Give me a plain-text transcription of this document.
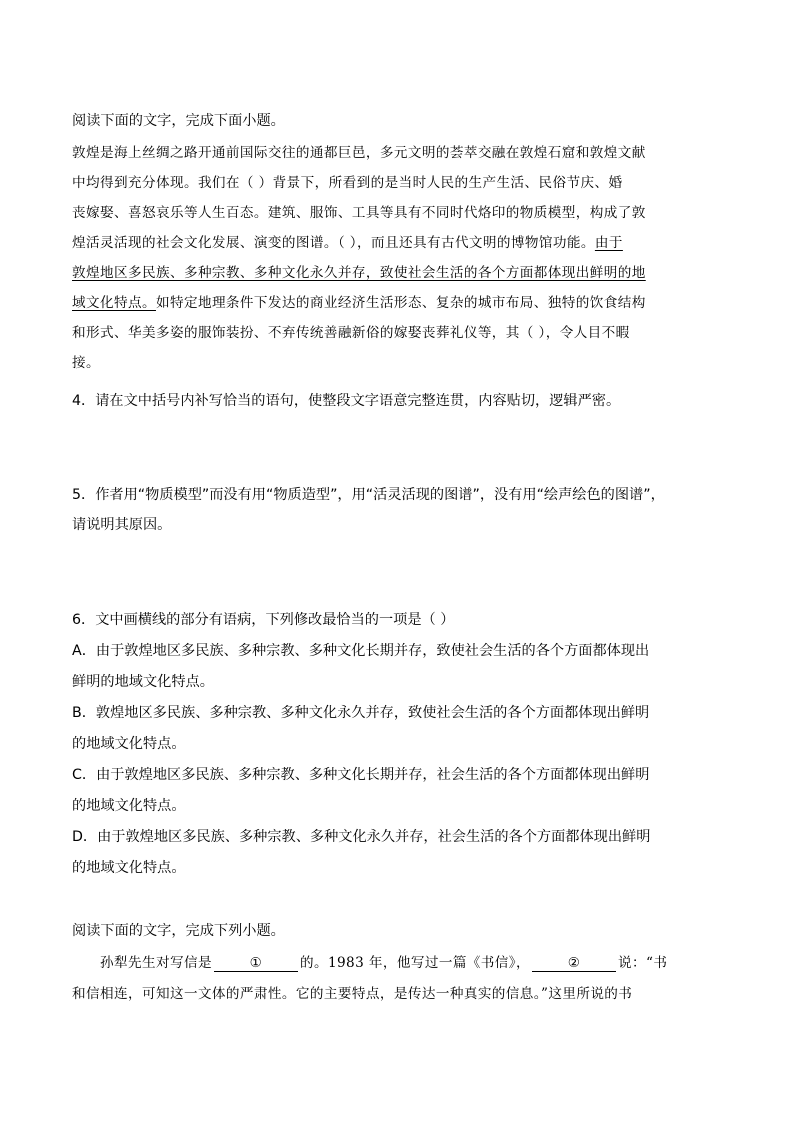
阅读下面的文字，完成下面小题。
敦煌是海上丝绸之路开通前国际交往的通都巨邑，多元文明的荟萃交融在敦煌石窟和敦煌文献
中均得到充分体现。我们在（ ）背景下，所看到的是当时人民的生产生活、民俗节庆、婚
丧嫁娶、喜怒哀乐等人生百态。建筑、服饰、工具等具有不同时代烙印的物质模型，构成了敦
煌活灵活现的社会文化发展、演变的图谱。（ ），而且还具有古代文明的博物馆功能。由于
敦煌地区多民族、多种宗教、多种文化永久并存，致使社会生活的各个方面都体现出鲜明的地
域文化特点。如特定地理条件下发达的商业经济生活形态、复杂的城市布局、独特的饮食结构
和形式、华美多姿的服饰装扮、不弃传统善融新俗的嫁娶丧葬礼仪等，其（ ），令人目不暇
接。
4．请在文中括号内补写恰当的语句，使整段文字语意完整连贯，内容贴切，逻辑严密。
5．作者用“物质模型”而没有用“物质造型”，用“活灵活现的图谱”，没有用“绘声绘色的图谱”，
请说明其原因。
6．文中画横线的部分有语病，下列修改最恰当的一项是（ ）
A．由于敦煌地区多民族、多种宗教、多种文化长期并存，致使社会生活的各个方面都体现出
鲜明的地域文化特点。
B．敦煌地区多民族、多种宗教、多种文化永久并存，致使社会生活的各个方面都体现出鲜明
的地域文化特点。
C．由于敦煌地区多民族、多种宗教、多种文化长期并存，社会生活的各个方面都体现出鲜明
的地域文化特点。
D．由于敦煌地区多民族、多种宗教、多种文化永久并存，社会生活的各个方面都体现出鲜明
的地域文化特点。
阅读下面的文字，完成下列小题。
孙犁先生对写信是	①	的。1983 年，他写过一篇《书信》，	②	说：“书
和信相连，可知这一文体的严肃性。它的主要特点，是传达一种真实的信息。”这里所说的书
